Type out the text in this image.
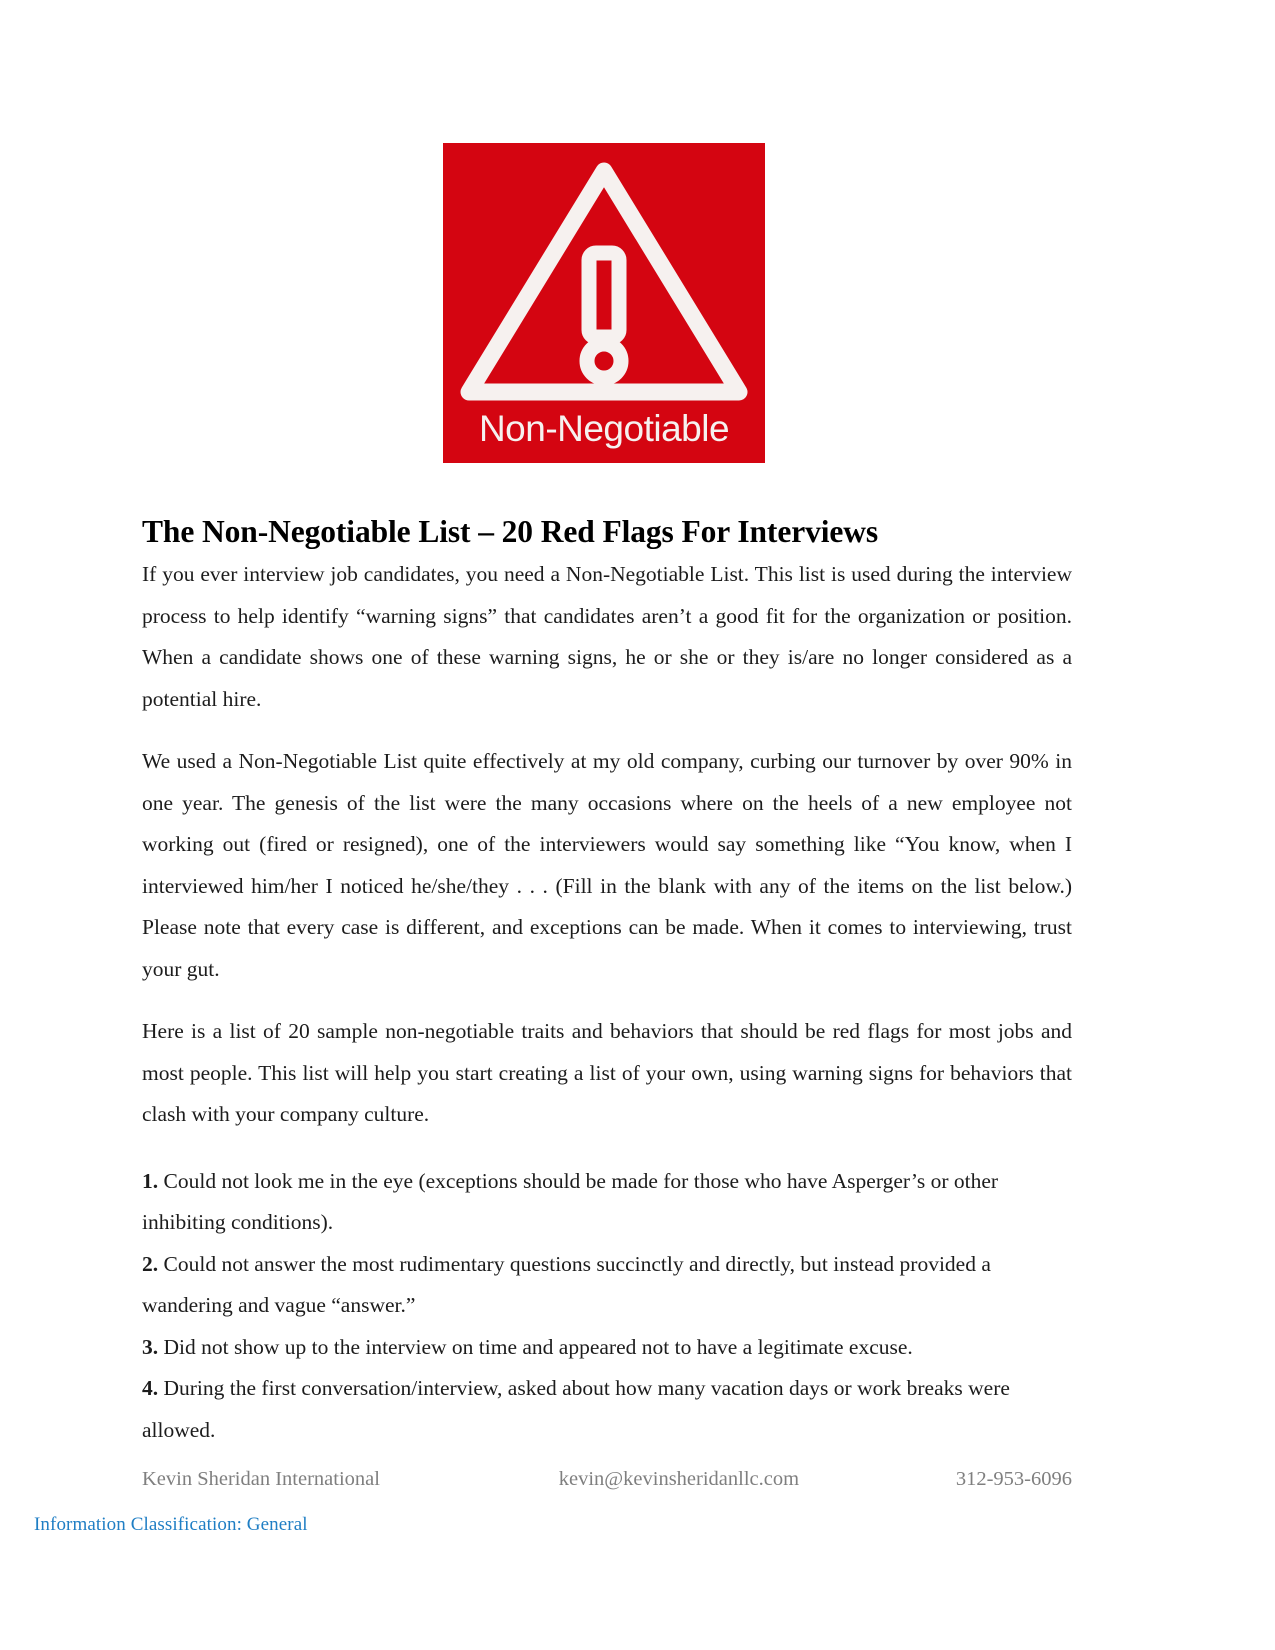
Non-Negotiable
The Non-Negotiable List – 20 Red Flags For Interviews

If you ever interview job candidates, you need a Non-Negotiable List. This list is used during the interview process to help identify “warning signs” that candidates aren’t a good fit for the organization or position. When a candidate shows one of these warning signs, he or she or they is/are no longer considered as a potential hire.

We used a Non-Negotiable List quite effectively at my old company, curbing our turnover by over 90% in one year. The genesis of the list were the many occasions where on the heels of a new employee not working out (fired or resigned), one of the interviewers would say something like “You know, when I interviewed him/her I noticed he/she/they . . . (Fill in the blank with any of the items on the list below.) Please note that every case is different, and exceptions can be made. When it comes to interviewing, trust your gut.

Here is a list of 20 sample non-negotiable traits and behaviors that should be red flags for most jobs and most people. This list will help you start creating a list of your own, using warning signs for behaviors that clash with your company culture.

1. Could not look me in the eye (exceptions should be made for those who have Asperger’s or other inhibiting conditions).

2. Could not answer the most rudimentary questions succinctly and directly, but instead provided a wandering and vague “answer.”

3. Did not show up to the interview on time and appeared not to have a legitimate excuse.

4. During the first conversation/interview, asked about how many vacation days or work breaks were allowed.

Kevin Sheridan International	kevin@kevinsheridanllc.com	312-953-6096
Information Classification: General
